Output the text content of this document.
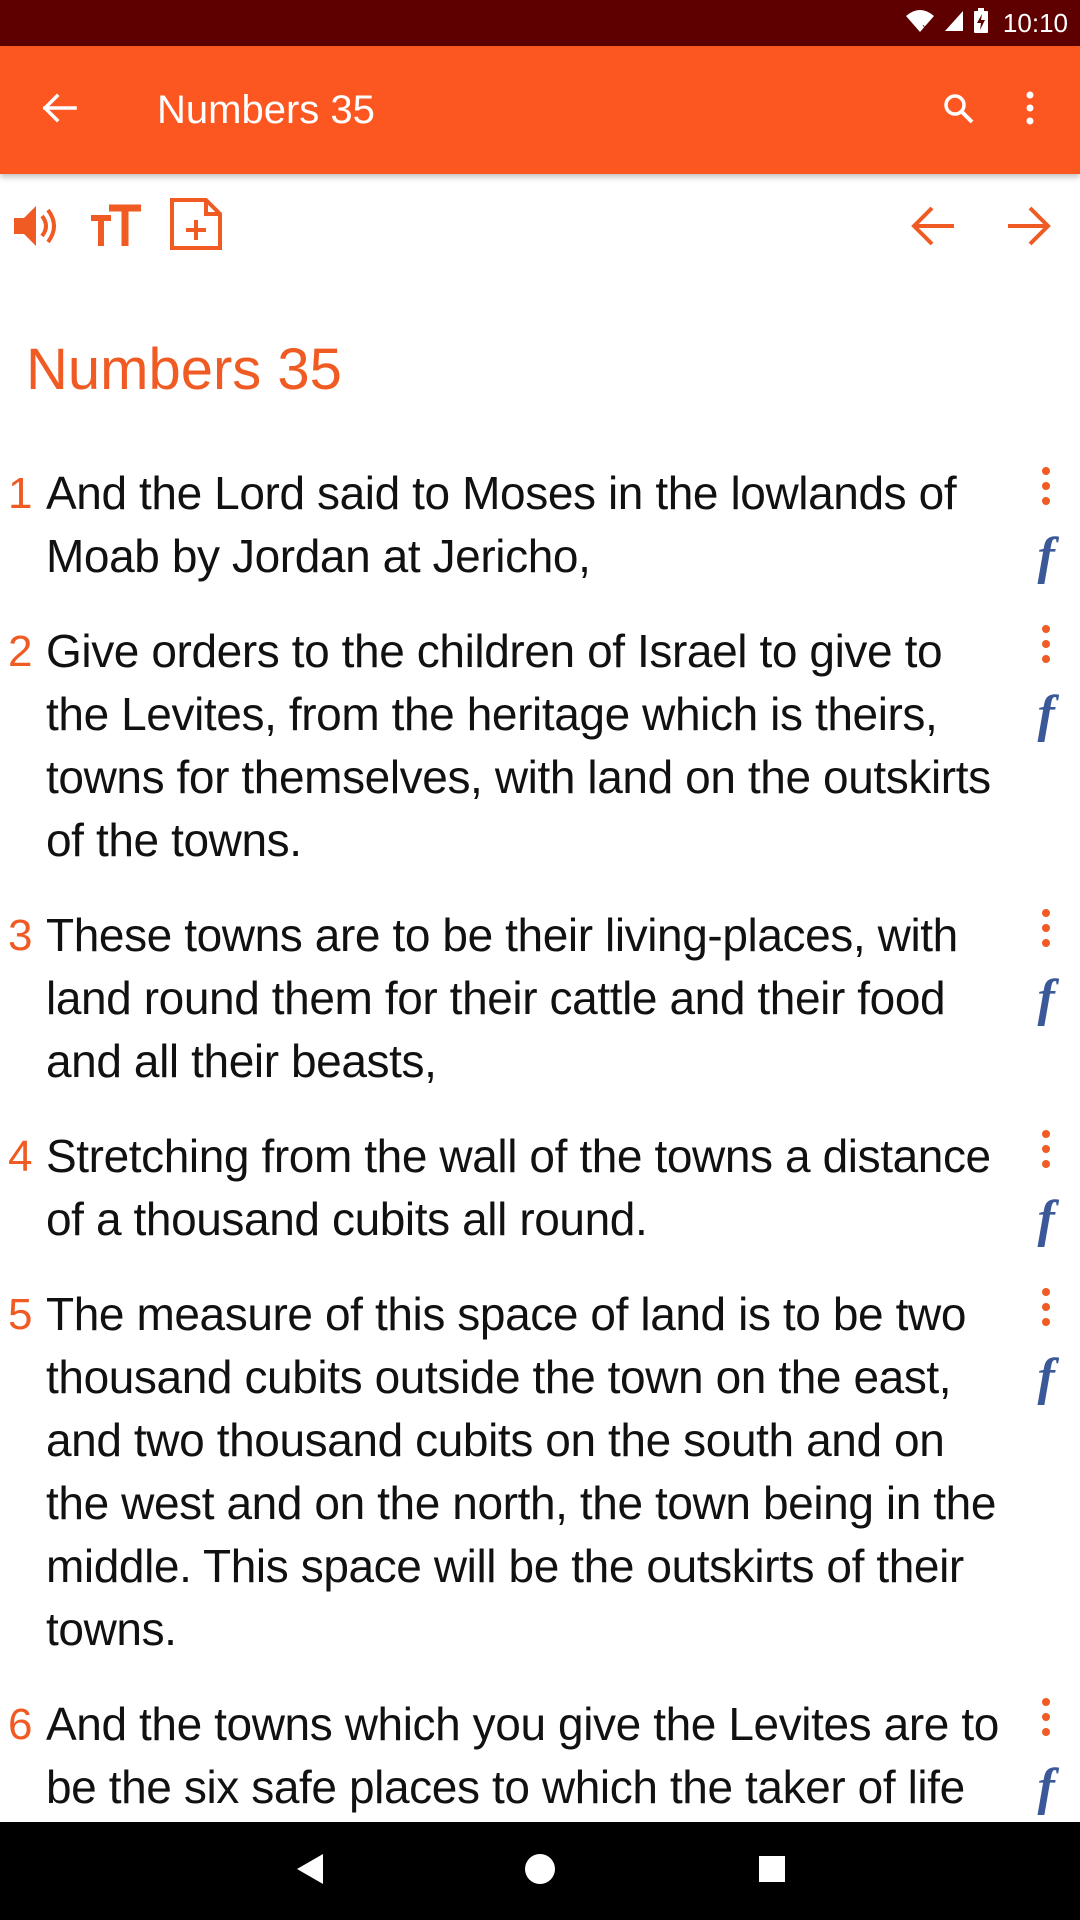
x	10:10
Numbers 35
Numbers 35
1 And the Lord said to Moses in the lowlands of Moab by Jordan at Jericho,	f
2 Give orders to the children of Israel to give to the Levites, from the heritage which is theirs, towns for themselves, with land on the outskirts of the towns.
f
3 These towns are to be their living-places, with land round them for their cattle and their food and all their beasts,
f
4 Stretching from the wall of the towns a distance of a thousand cubits all round.	f
5 The measure of this space of land is to be two thousand cubits outside the town on the east, and two thousand cubits on the south and on the west and on the north, the town being in the middle. This space will be the outskirts of their towns.
f
6 And the towns which you give the Levites are to be the six safe places to which the taker of life	f
